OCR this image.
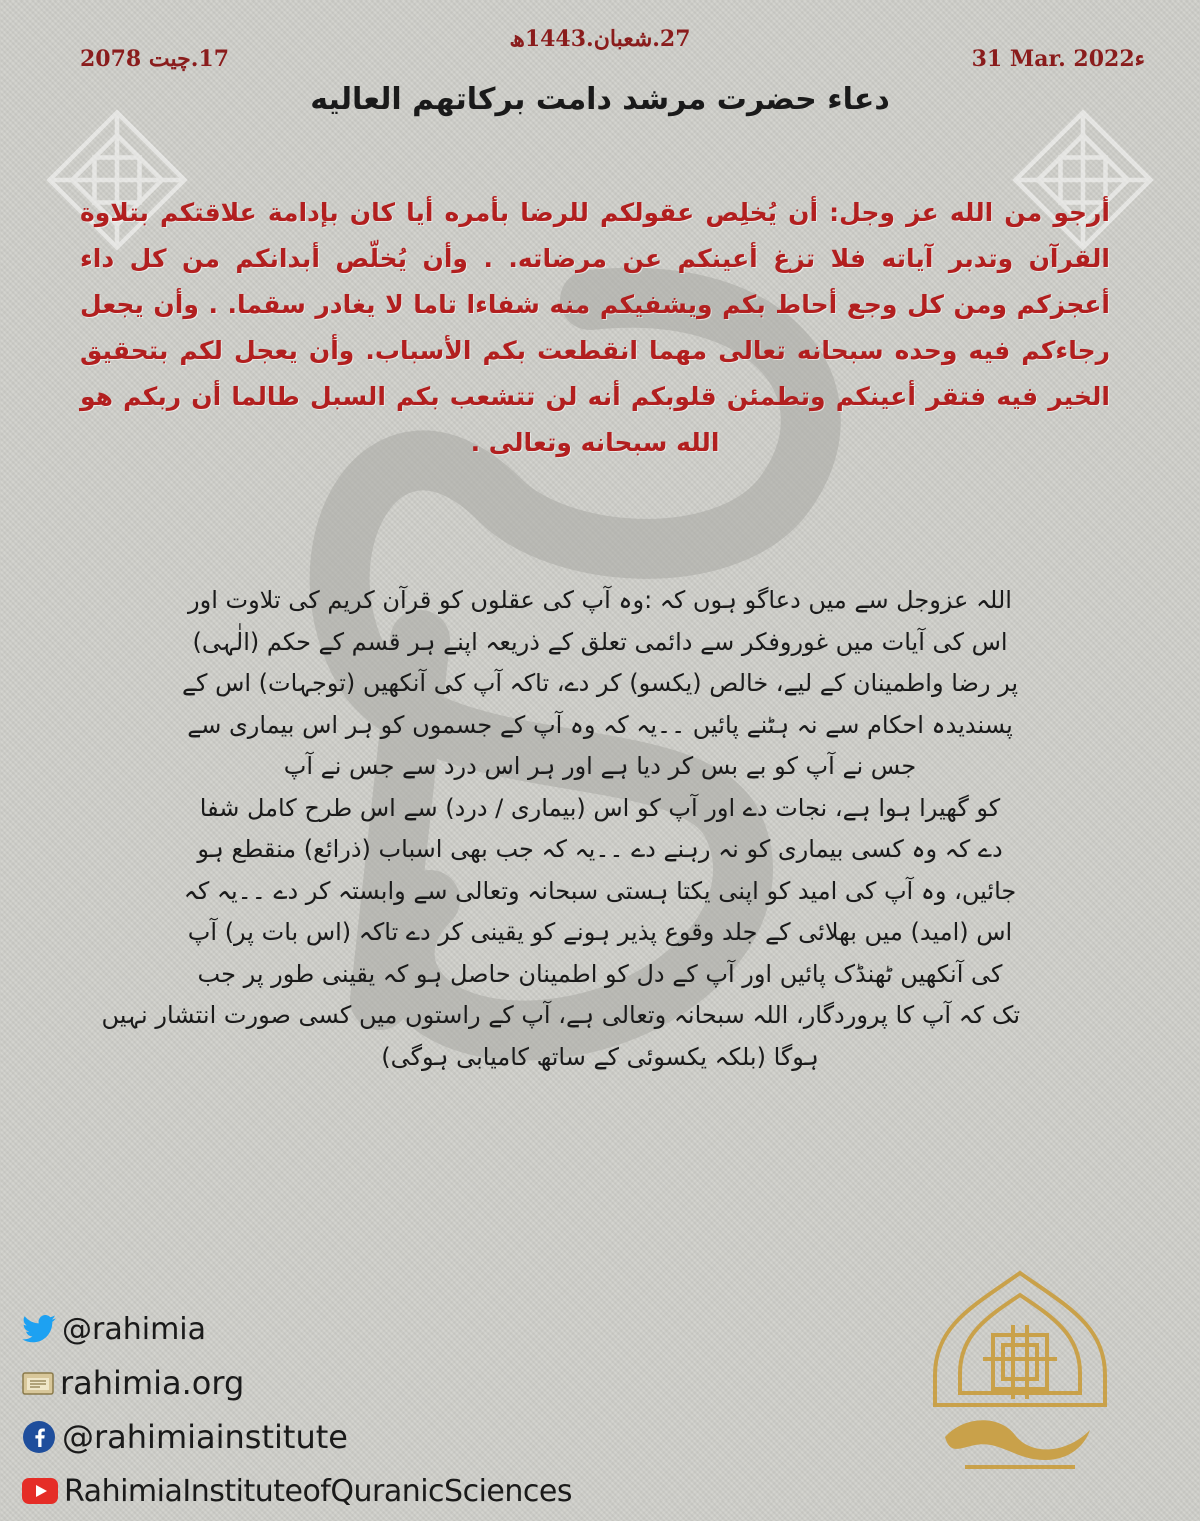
27.شعبان.1443ھ
17.چیت 2078	31 Mar. 2022ء
دعاء حضرت مرشد دامت برکاتھم العالیه
أرجو من الله عز وجل: أن يُخلِص عقولكم للرضا بأمره أيا كان بإدامة علاقتكم بتلاوة القرآن وتدبر آياته فلا تزغ أعينكم عن مرضاته. . وأن يُخلّص أبدانكم من كل داء أعجزكم ومن كل وجع أحاط بكم ويشفيكم منه شفاءا تاما لا يغادر سقما. . وأن يجعل رجاءكم فيه وحده سبحانه تعالى مهما انقطعت بكم الأسباب. وأن يعجل لكم بتحقيق الخير فيه فتقر أعينكم وتطمئن قلوبكم أنه لن تتشعب بكم السبل طالما أن ربكم هو الله سبحانه وتعالى .
اللہ عزوجل سے میں دعاگو ہوں کہ :وہ آپ کی عقلوں کو قرآن کریم کی تلاوت اور
اس کی آیات میں غوروفکر سے دائمی تعلق کے ذریعہ اپنے ہر قسم کے حکم (الٰہی)
پر رضا واطمینان کے لیے، خالص (یکسو) کر دے، تاکہ آپ کی آنکھیں (توجہات) اس کے
پسندیدہ احکام سے نہ ہٹنے پائیں ۔۔یہ کہ وہ آپ کے جسموں کو ہر اس بیماری سے
جس نے آپ کو بے بس کر دیا ہے اور ہر اس درد سے جس نے آپ
کو گھیرا ہوا ہے، نجات دے اور آپ کو اس (بیماری / درد) سے اس طرح کامل شفا
دے کہ وہ کسی بیماری کو نہ رہنے دے ۔۔یہ کہ جب بھی اسباب (ذرائع) منقطع ہو
جائیں، وہ آپ کی امید کو اپنی یکتا ہستی سبحانہ وتعالی سے وابستہ کر دے ۔۔یہ کہ
اس (امید) میں بھلائی کے جلد وقوع پذیر ہونے کو یقینی کر دے تاکہ (اس بات پر) آپ
کی آنکھیں ٹھنڈک پائیں اور آپ کے دل کو اطمینان حاصل ہو کہ یقینی طور پر جب
تک کہ آپ کا پروردگار، اللہ سبحانہ وتعالی ہے، آپ کے راستوں میں کسی صورت انتشار نہیں
ہوگا (بلکہ یکسوئی کے ساتھ کامیابی ہوگی)
@rahimia
rahimia.org
@rahimiainstitute
RahimiaInstituteofQuranicSciences
